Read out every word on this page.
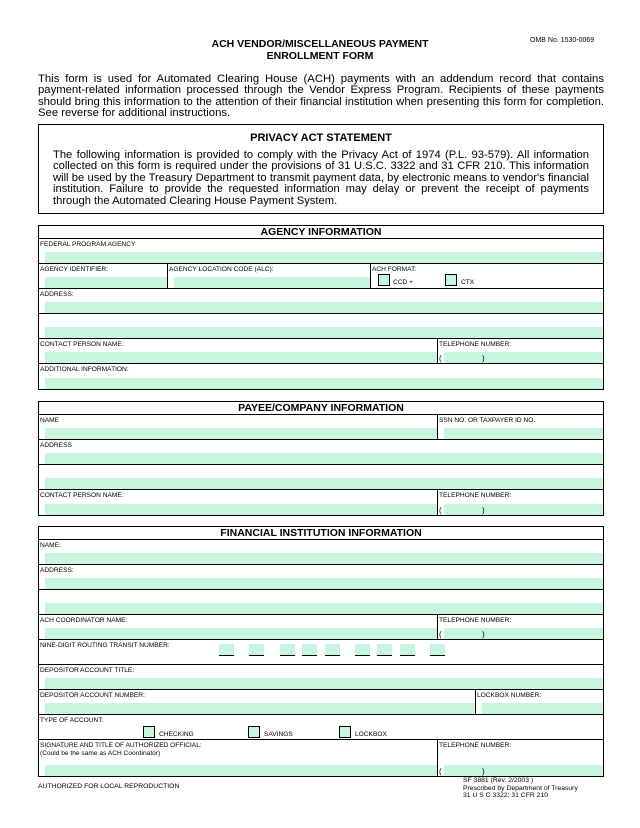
OMB No. 1530-0069
ACH VENDOR/MISCELLANEOUS PAYMENT
ENROLLMENT FORM
This form is used for Automated Clearing House (ACH) payments with an addendum record that contains payment-related information processed through the Vendor Express Program. Recipients of these payments should bring this information to the attention of their financial institution when presenting this form for completion. See reverse for additional instructions.
PRIVACY ACT STATEMENT
The following information is provided to comply with the Privacy Act of 1974 (P.L. 93-579). All information collected on this form is required under the provisions of 31 U.S.C. 3322 and 31 CFR 210. This information will be used by the Treasury Department to transmit payment data, by electronic means to vendor's financial institution. Failure to provide the requested information may delay or prevent the receipt of payments through the Automated Clearing House Payment System.
AGENCY INFORMATION
FEDERAL PROGRAM AGENCY
AGENCY IDENTIFIER:	AGENCY LOCATION CODE (ALC):	ACH FORMAT:
CCD +	CTX
ADDRESS:
CONTACT PERSON NAME:	TELEPHONE NUMBER:
(	)
ADDITIONAL INFORMATION:
PAYEE/COMPANY INFORMATION
NAME	SSN NO. OR TAXPAYER ID NO.
ADDRESS
CONTACT PERSON NAME:	TELEPHONE NUMBER:
(	)
FINANCIAL INSTITUTION INFORMATION
NAME:
ADDRESS:
ACH COORDINATOR NAME:	TELEPHONE NUMBER:
(	)
NINE-DIGIT ROUTING TRANSIT NUMBER:
DEPOSITOR ACCOUNT TITLE:
DEPOSITOR ACCOUNT NUMBER:	LOCKBOX NUMBER:
TYPE OF ACCOUNT:
CHECKING	SAVINGS	LOCKBOX
SIGNATURE AND TITLE OF AUTHORIZED OFFICIAL:
(Could be the same as ACH Coordinator)
TELEPHONE NUMBER:
(	)
AUTHORIZED FOR LOCAL REPRODUCTION
SF 3881 (Rev. 2/2003 )
Prescribed by Department of Treasury
31 U S C 3322; 31 CFR 210
